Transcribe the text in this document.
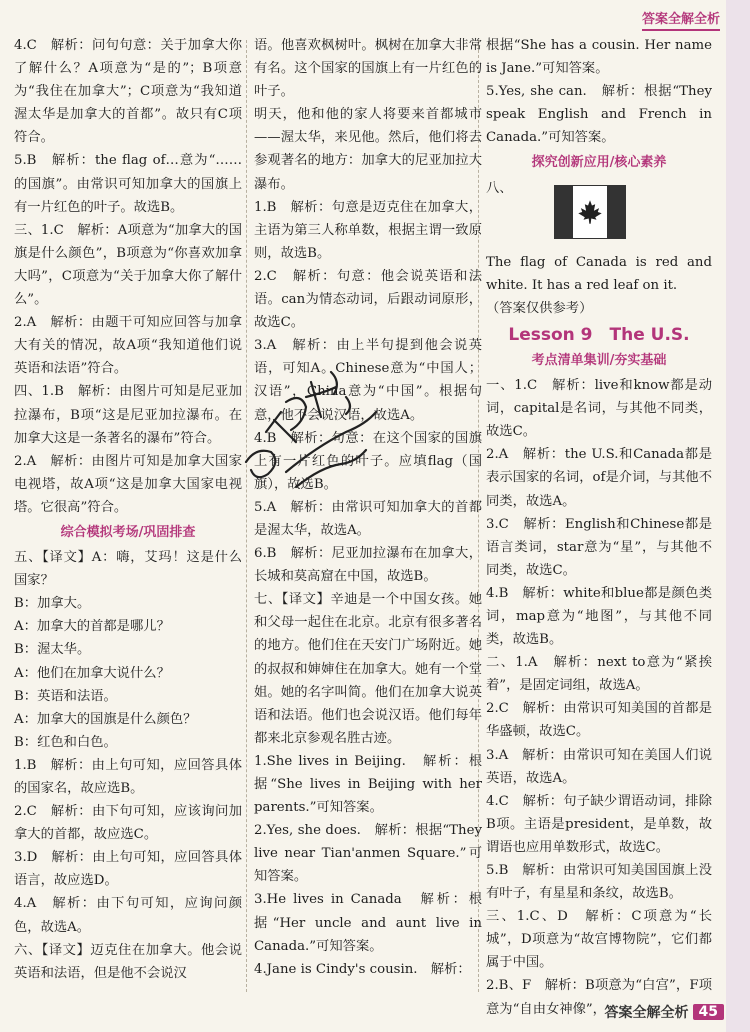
答案全解全析

4.C　解析：问句句意：关于加拿大你了解什么？A项意为“是的”；B项意为“我住在加拿大”；C项意为“我知道渥太华是加拿大的首都”。故只有C项符合。

5.B　解析：the flag of…意为“……的国旗”。由常识可知加拿大的国旗上有一片红色的叶子。故选B。

三、1.C　解析：A项意为“加拿大的国旗是什么颜色”，B项意为“你喜欢加拿大吗”，C项意为“关于加拿大你了解什么”。

2.A　解析：由题干可知应回答与加拿大有关的情况，故A项“我知道他们说英语和法语”符合。

四、1.B　解析：由图片可知是尼亚加拉瀑布，B项“这是尼亚加拉瀑布。在加拿大这是一条著名的瀑布”符合。

2.A　解析：由图片可知是加拿大国家电视塔，故A项“这是加拿大国家电视塔。它很高”符合。

综合模拟考场/巩固排查

五、【译文】A：嗨，艾玛！这是什么国家？

B：加拿大。

A：加拿大的首都是哪儿？

B：渥太华。

A：他们在加拿大说什么？

B：英语和法语。

A：加拿大的国旗是什么颜色？

B：红色和白色。

1.B　解析：由上句可知，应回答具体的国家名，故应选B。

2.C　解析：由下句可知，应该询问加拿大的首都，故应选C。

3.D　解析：由上句可知，应回答具体语言，故应选D。

4.A　解析：由下句可知，应询问颜色，故选A。

六、【译文】迈克住在加拿大。他会说英语和法语，但是他不会说汉

语。他喜欢枫树叶。枫树在加拿大非常有名。这个国家的国旗上有一片红色的叶子。

明天，他和他的家人将要来首都城市——渥太华，来见他。然后，他们将去参观著名的地方：加拿大的尼亚加拉大瀑布。

1.B　解析：句意是迈克住在加拿大，主语为第三人称单数，根据主谓一致原则，故选B。

2.C　解析：句意：他会说英语和法语。can为情态动词，后跟动词原形，故选C。

3.A　解析：由上半句提到他会说英语，可知A。Chinese意为“中国人；汉语”，China意为“中国”。根据句意，他不会说汉语，故选A。

4.B　解析：句意：在这个国家的国旗上有一片红色的叶子。应填flag（国旗），故选B。

5.A　解析：由常识可知加拿大的首都是渥太华，故选A。

6.B　解析：尼亚加拉瀑布在加拿大，长城和莫高窟在中国，故选B。

七、【译文】辛迪是一个中国女孩。她和父母一起住在北京。北京有很多著名的地方。他们住在天安门广场附近。她的叔叔和婶婶住在加拿大。她有一个堂姐。她的名字叫简。他们在加拿大说英语和法语。他们也会说汉语。他们每年都来北京参观名胜古迹。

1.She lives in Beijing.　解析：根据“She lives in Beijing with her parents.”可知答案。

2.Yes, she does.　解析：根据“They live near Tian'anmen Square.”可知答案。

3.He lives in Canada　解析：根据“Her uncle and aunt live in Canada.”可知答案。

4.Jane is Cindy's cousin.　解析：

根据“She has a cousin. Her name is Jane.”可知答案。

5.Yes, she can.　解析：根据“They speak English and French in Canada.”可知答案。

探究创新应用/核心素养

八、

The flag of Canada is red and white. It has a red leaf on it.

（答案仅供参考）

Lesson 9　The U.S.

考点清单集训/夯实基础

一、1.C　解析：live和know都是动词，capital是名词，与其他不同类，故选C。

2.A　解析：the U.S.和Canada都是表示国家的名词，of是介词，与其他不同类，故选A。

3.C　解析：English和Chinese都是语言类词，star意为“星”，与其他不同类，故选C。

4.B　解析：white和blue都是颜色类词，map意为“地图”，与其他不同类，故选B。

二、1.A　解析：next to意为“紧挨着”，是固定词组，故选A。

2.C　解析：由常识可知美国的首都是华盛顿，故选C。

3.A　解析：由常识可知在美国人们说英语，故选A。

4.C　解析：句子缺少谓语动词，排除B项。主语是president，是单数，故谓语也应用单数形式，故选C。

5.B　解析：由常识可知美国国旗上没有叶子，有星星和条纹，故选B。

三、1.C、D　解析：C项意为“长城”，D项意为“故宫博物院”，它们都属于中国。

2.B、F　解析：B项意为“白宫”，F项意为“自由女神像”，

答案全解全析 45
